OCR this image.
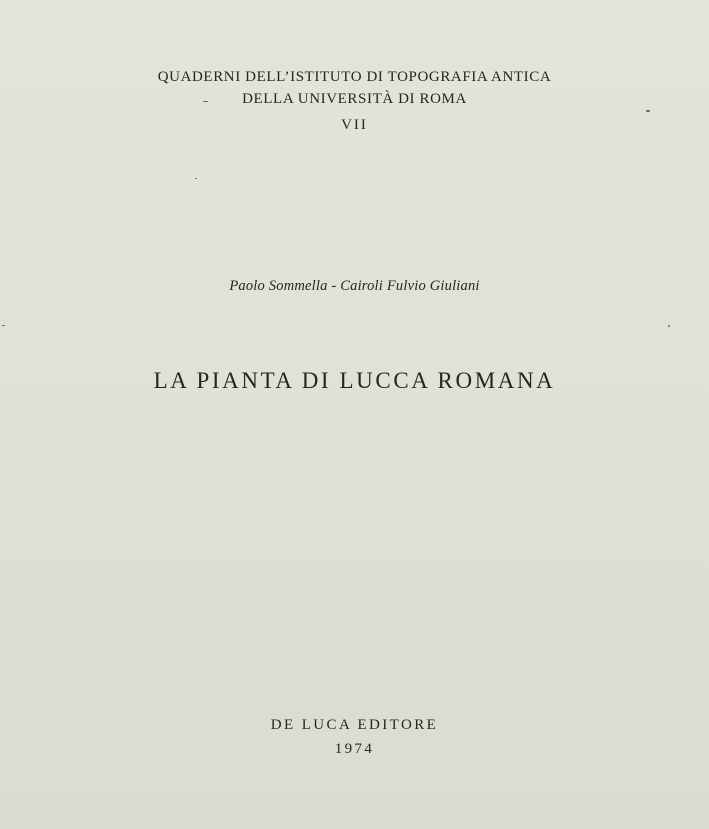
QUADERNI DELL’ISTITUTO DI TOPOGRAFIA ANTICA
DELLA UNIVERSITÀ DI ROMA
VII
Paolo Sommella - Cairoli Fulvio Giuliani
LA PIANTA DI LUCCA ROMANA
DE LUCA EDITORE
1974
